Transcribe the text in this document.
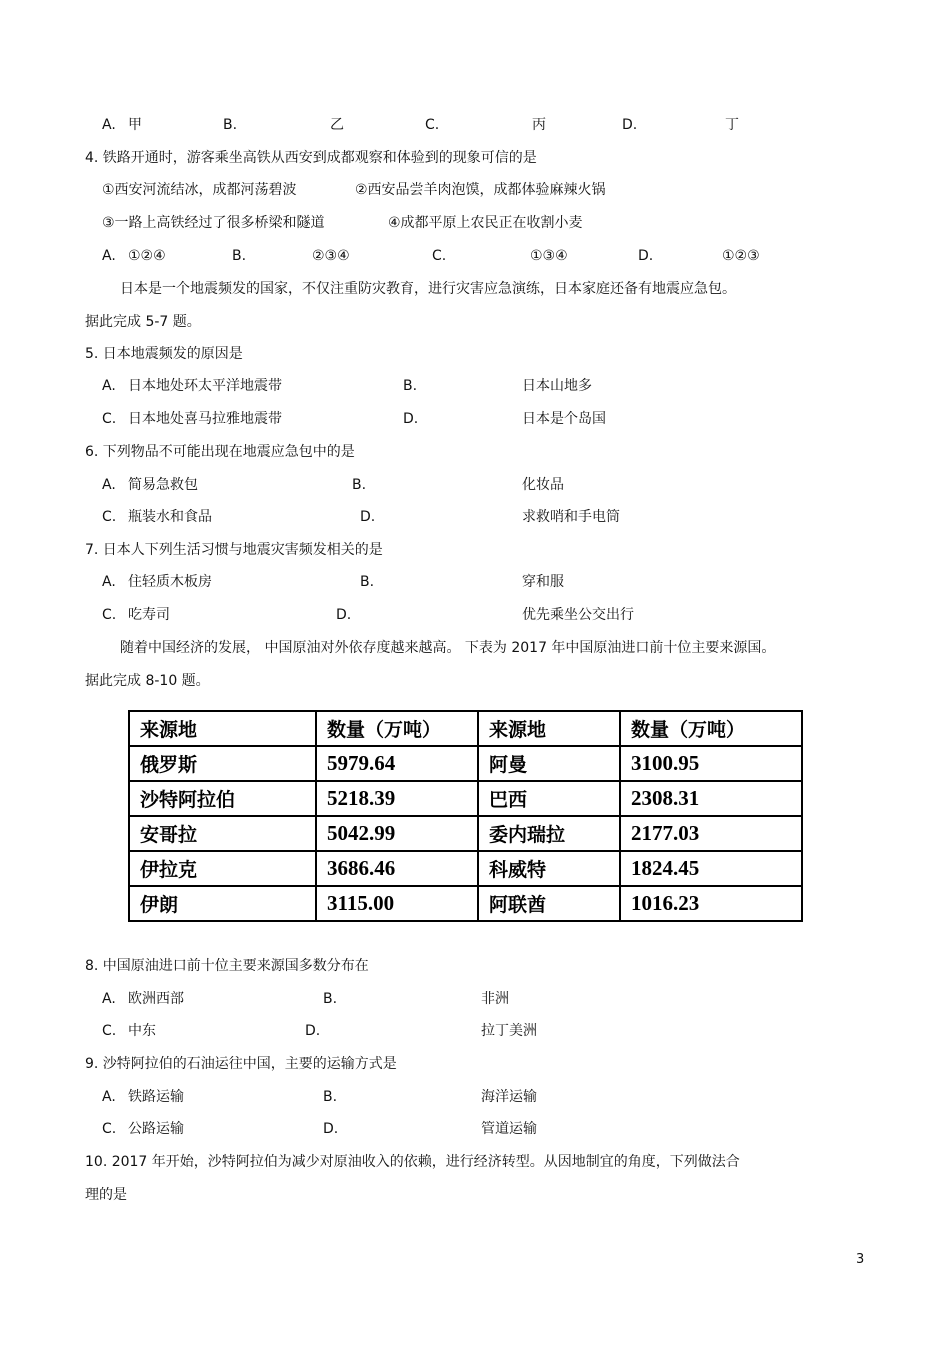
A. 甲	B.	乙	C.	丙	D.	丁
4. 铁路开通时，游客乘坐高铁从西安到成都观察和体验到的现象可信的是
①西安河流结冰，成都河荡碧波	②西安品尝羊肉泡馍，成都体验麻辣火锅
③一路上高铁经过了很多桥梁和隧道	④成都平原上农民正在收割小麦
A. ①②④	B.	②③④	C.	①③④	D.	①②③
日本是一个地震频发的国家，不仅注重防灾教育，进行灾害应急演练，日本家庭还备有地震应急包。
据此完成 5-7 题。
5. 日本地震频发的原因是
A. 日本地处环太平洋地震带	B.	日本山地多
C. 日本地处喜马拉雅地震带	D.	日本是个岛国
6. 下列物品不可能出现在地震应急包中的是
A. 简易急救包	B.	化妆品
C. 瓶装水和食品	D.	求救哨和手电筒
7. 日本人下列生活习惯与地震灾害频发相关的是
A. 住轻质木板房	B.	穿和服
C. 吃寿司	D.	优先乘坐公交出行
随着中国经济的发展， 中国原油对外依存度越来越高。 下表为 2017 年中国原油进口前十位主要来源国。
据此完成 8-10 题。
来源地	数量（万吨）	来源地	数量（万吨）
俄罗斯	5979.64	阿曼	3100.95
沙特阿拉伯	5218.39	巴西	2308.31
安哥拉	5042.99	委内瑞拉	2177.03
伊拉克	3686.46	科威特	1824.45
伊朗	3115.00	阿联酋	1016.23
8. 中国原油进口前十位主要来源国多数分布在
A. 欧洲西部	B.	非洲
C. 中东	D.	拉丁美洲
9. 沙特阿拉伯的石油运往中国，主要的运输方式是
A. 铁路运输	B.	海洋运输
C. 公路运输	D.	管道运输
10. 2017 年开始，沙特阿拉伯为减少对原油收入的依赖，进行经济转型。从因地制宜的角度，下列做法合
理的是
3
